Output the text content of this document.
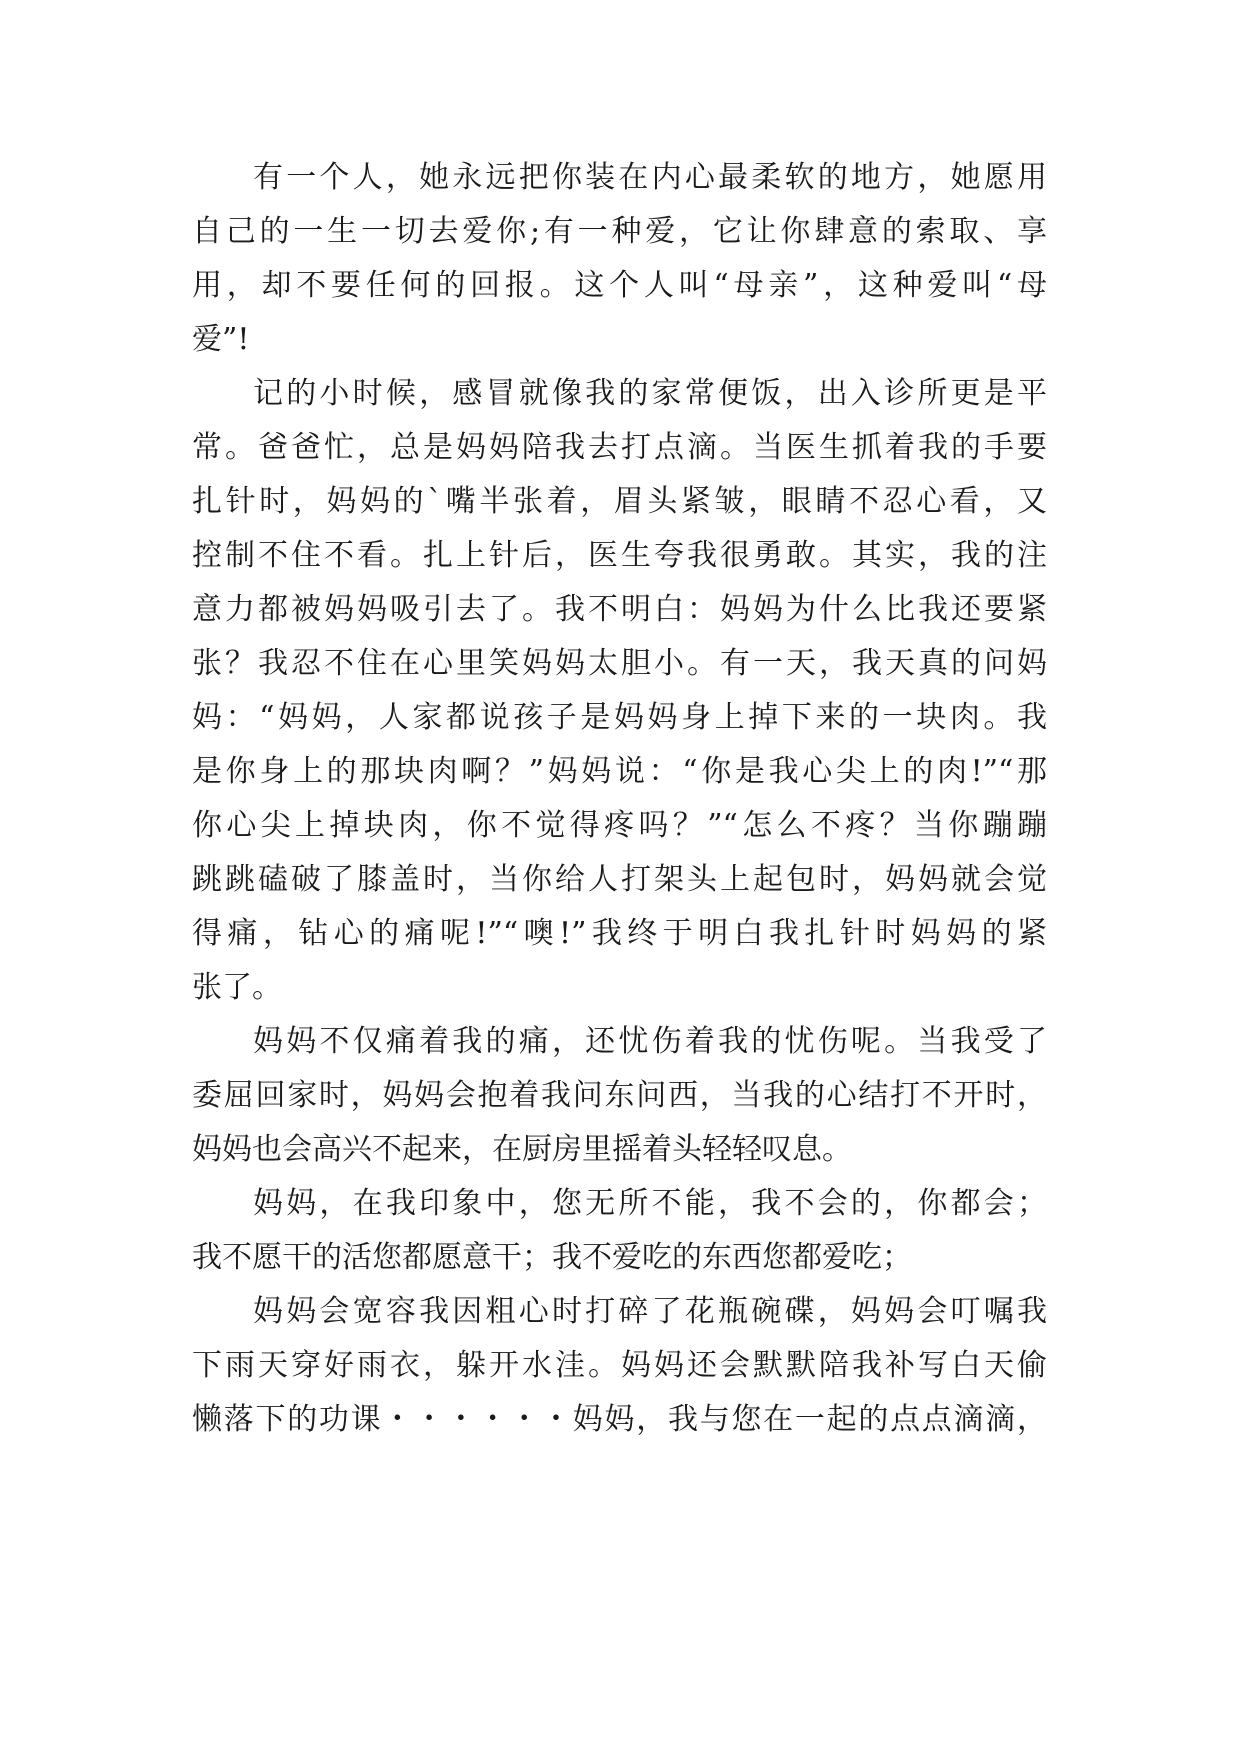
有一个人，她永远把你装在内心最柔软的地方，她愿用
自己的一生一切去爱你;有一种爱，它让你肆意的索取、享
用，却不要任何的回报。这个人叫“母亲”，这种爱叫“母
爱”!
记的小时候，感冒就像我的家常便饭，出入诊所更是平
常。爸爸忙，总是妈妈陪我去打点滴。当医生抓着我的手要
扎针时，妈妈的`嘴半张着，眉头紧皱，眼睛不忍心看，又
控制不住不看。扎上针后，医生夸我很勇敢。其实，我的注
意力都被妈妈吸引去了。我不明白：妈妈为什么比我还要紧
张？我忍不住在心里笑妈妈太胆小。有一天，我天真的问妈
妈：“妈妈，人家都说孩子是妈妈身上掉下来的一块肉。我
是你身上的那块肉啊？”妈妈说：“你是我心尖上的肉!”“那
你心尖上掉块肉，你不觉得疼吗？”“怎么不疼？当你蹦蹦
跳跳磕破了膝盖时，当你给人打架头上起包时，妈妈就会觉
得痛，钻心的痛呢!”“噢!”我终于明白我扎针时妈妈的紧
张了。
妈妈不仅痛着我的痛，还忧伤着我的忧伤呢。当我受了
委屈回家时，妈妈会抱着我问东问西，当我的心结打不开时，
妈妈也会高兴不起来，在厨房里摇着头轻轻叹息。
妈妈，在我印象中，您无所不能，我不会的，你都会；
我不愿干的活您都愿意干；我不爱吃的东西您都爱吃；
妈妈会宽容我因粗心时打碎了花瓶碗碟，妈妈会叮嘱我
下雨天穿好雨衣，躲开水洼。妈妈还会默默陪我补写白天偷
懒落下的功课・・・・・・妈妈，我与您在一起的点点滴滴，
